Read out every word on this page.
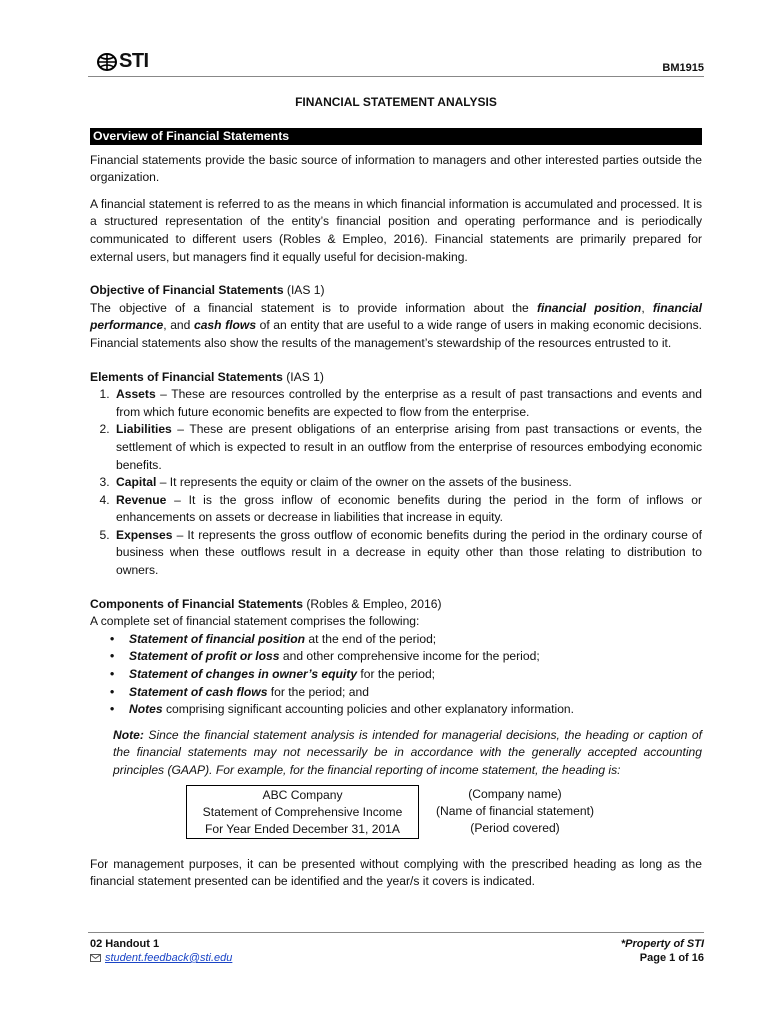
STI	BM1915
FINANCIAL STATEMENT ANALYSIS
Overview of Financial Statements

Financial statements provide the basic source of information to managers and other interested parties outside the organization.

A financial statement is referred to as the means in which financial information is accumulated and processed. It is a structured representation of the entity’s financial position and operating performance and is periodically communicated to different users (Robles & Empleo, 2016). Financial statements are primarily prepared for external users, but managers find it equally useful for decision-making.

Objective of Financial Statements (IAS 1)

The objective of a financial statement is to provide information about the financial position, financial performance, and cash flows of an entity that are useful to a wide range of users in making economic decisions. Financial statements also show the results of the management’s stewardship of the resources entrusted to it.

Elements of Financial Statements (IAS 1)
1. Assets – These are resources controlled by the enterprise as a result of past transactions and events and from which future economic benefits are expected to flow from the enterprise.
2. Liabilities – These are present obligations of an enterprise arising from past transactions or events, the settlement of which is expected to result in an outflow from the enterprise of resources embodying economic benefits.
3. Capital – It represents the equity or claim of the owner on the assets of the business.
4. Revenue – It is the gross inflow of economic benefits during the period in the form of inflows or enhancements on assets or decrease in liabilities that increase in equity.
5. Expenses – It represents the gross outflow of economic benefits during the period in the ordinary course of business when these outflows result in a decrease in equity other than those relating to distribution to owners.
Components of Financial Statements (Robles & Empleo, 2016)
A complete set of financial statement comprises the following:
• Statement of financial position at the end of the period;
• Statement of profit or loss and other comprehensive income for the period;
• Statement of changes in owner’s equity for the period;
• Statement of cash flows for the period; and
• Notes comprising significant accounting policies and other explanatory information.
Note: Since the financial statement analysis is intended for managerial decisions, the heading or caption of the financial statements may not necessarily be in accordance with the generally accepted accounting principles (GAAP). For example, for the financial reporting of income statement, the heading is:
ABC Company
Statement of Comprehensive Income
For Year Ended December 31, 201A
(Company name)
(Name of financial statement)
(Period covered)

For management purposes, it can be presented without complying with the prescribed heading as long as the financial statement presented can be identified and the year/s it covers is indicated.

02 Handout 1
student.feedback@sti.edu
*Property of STI
Page 1 of 16
